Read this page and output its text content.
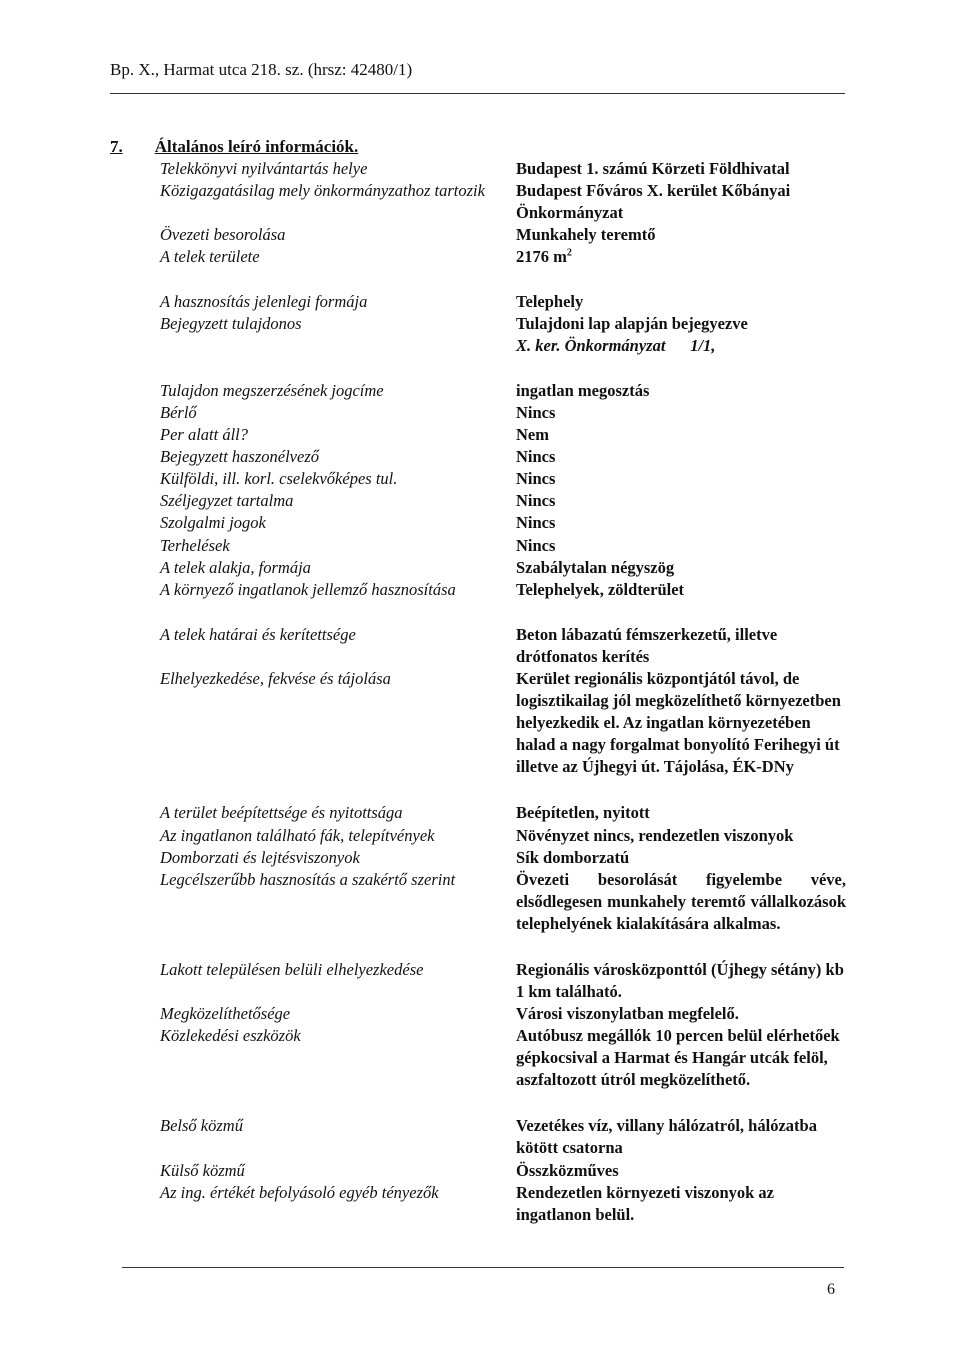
Bp. X., Harmat utca 218. sz. (hrsz: 42480/1)
7. Általános leíró információk.
Telekkönyvi nyilvántartás helye
Közigazgatásilag mely önkormányzathoz tartozik
Övezeti besorolása
A telek területe
A hasznosítás jelenlegi formája
Bejegyzett tulajdonos
Tulajdon megszerzésének jogcíme
Bérlő
Per alatt áll?
Bejegyzett haszonélvező
Külföldi, ill. korl. cselekvőképes tul.
Széljegyzet tartalma
Szolgalmi jogok
Terhelések
A telek alakja, formája
A környező ingatlanok jellemző hasznosítása
A telek határai és kerítettsége
Elhelyezkedése, fekvése és tájolása
A terület beépítettsége és nyitottsága
Az ingatlanon található fák, telepítvények
Domborzati és lejtésviszonyok
Legcélszerűbb hasznosítás a szakértő szerint
Lakott településen belüli elhelyezkedése
Megközelíthetősége
Közlekedési eszközök
Belső közmű
Külső közmű
Az ing. értékét befolyásoló egyéb tényezők
Budapest 1. számú Körzeti Földhivatal
Budapest Főváros X. kerület Kőbányai Önkormányzat
Munkahely teremtő
2176 $m^2$
Telephely
Tulajdoni lap alapján bejegyezve
X. ker. Önkormányzat      1/1,
ingatlan megosztás
Nincs
Nem
Nincs
Nincs
Nincs
Nincs
Nincs
Szabálytalan négyszög
Telephelyek, zöldterület
Beton lábazatú fémszerkezetű, illetve drótfonatos kerítés
Kerület regionális központjától távol, de logisztikailag jól megközelíthető környezetben helyezkedik el. Az ingatlan környezetében halad a nagy forgalmat bonyolító Ferihegyi út illetve az Újhegyi út. Tájolása, ÉK-DNy
Beépítetlen, nyitott
Növényzet nincs, rendezetlen viszonyok
Sík domborzatú
Övezeti besorolását figyelembe véve, elsődlegesen munkahely teremtő vállalkozások telephelyének kialakítására alkalmas.
Regionális városközponttól (Újhegy sétány) kb 1 km található.
Városi viszonylatban megfelelő.
Autóbusz megállók 10 percen belül elérhetőek gépkocsival a Harmat és Hangár utcák felöl, aszfaltozott útról megközelíthető.
Vezetékes víz, villany hálózatról, hálózatba kötött csatorna
Összközműves
Rendezetlen környezeti viszonyok az ingatlanon belül.
6
